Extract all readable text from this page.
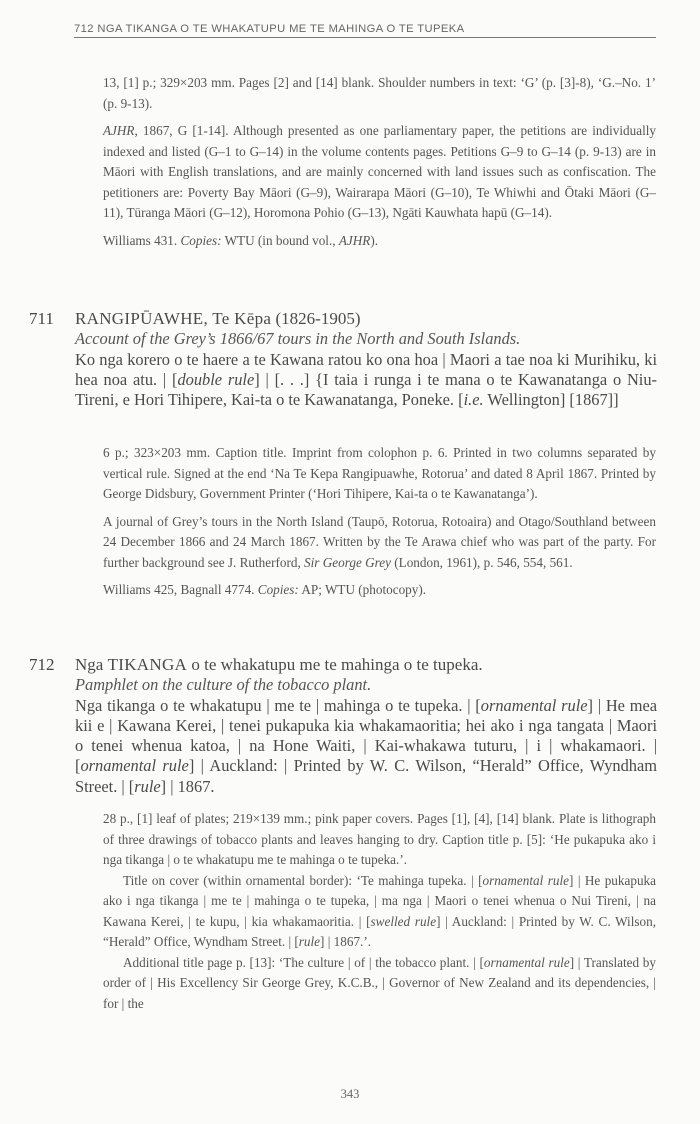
712 NGA TIKANGA O TE WHAKATUPU ME TE MAHINGA O TE TUPEKA

13, [1] p.; 329×203 mm. Pages [2] and [14] blank. Shoulder numbers in text: ‘G’ (p. [3]-8), ‘G.–No. 1’ (p. 9-13).

AJHR, 1867, G [1-14]. Although presented as one parliamentary paper, the petitions are individually indexed and listed (G–1 to G–14) in the volume contents pages. Petitions G–9 to G–14 (p. 9-13) are in Māori with English translations, and are mainly concerned with land issues such as confiscation. The petitioners are: Poverty Bay Māori (G–9), Wairarapa Māori (G–10), Te Whiwhi and Ōtaki Māori (G–11), Tūranga Māori (G–12), Horomona Pohio (G–13), Ngāti Kauwhata hapū (G–14).

Williams 431. Copies: WTU (in bound vol., AJHR).

711 RANGIPŪAWHE, Te Kēpa (1826-1905)
Account of the Grey’s 1866/67 tours in the North and South Islands.

Ko nga korero o te haere a te Kawana ratou ko ona hoa | Maori a tae noa ki Murihiku, ki hea noa atu. | [double rule] | [. . .] {I taia i runga i te mana o te Kawanatanga o Niu-Tireni, e Hori Tihipere, Kai-ta o te Kawanatanga, Poneke. [i.e. Wellington] [1867]]

6 p.; 323×203 mm. Caption title. Imprint from colophon p. 6. Printed in two columns separated by vertical rule. Signed at the end ‘Na Te Kepa Rangipuawhe, Rotorua’ and dated 8 April 1867. Printed by George Didsbury, Government Printer (‘Hori Tihipere, Kai-ta o te Kawanatanga’).

A journal of Grey’s tours in the North Island (Taupō, Rotorua, Rotoaira) and Otago/Southland between 24 December 1866 and 24 March 1867. Written by the Te Arawa chief who was part of the party. For further background see J. Rutherford, Sir George Grey (London, 1961), p. 546, 554, 561.

Williams 425, Bagnall 4774. Copies: AP; WTU (photocopy).

712 Nga TIKANGA o te whakatupu me te mahinga o te tupeka.
Pamphlet on the culture of the tobacco plant.

Nga tikanga o te whakatupu | me te | mahinga o te tupeka. | [ornamental rule] | He mea kii e | Kawana Kerei, | tenei pukapuka kia whakamaoritia; hei ako i nga tangata | Maori o tenei whenua katoa, | na Hone Waiti, | Kai-whakawa tuturu, | i | whakamaori. | [ornamental rule] | Auckland: | Printed by W. C. Wilson, “Herald” Office, Wyndham Street. | [rule] | 1867.

28 p., [1] leaf of plates; 219×139 mm.; pink paper covers. Pages [1], [4], [14] blank. Plate is lithograph of three drawings of tobacco plants and leaves hanging to dry. Caption title p. [5]: ‘He pukapuka ako i nga tikanga | o te whakatupu me te mahinga o te tupeka.’.

Title on cover (within ornamental border): ‘Te mahinga tupeka. | [ornamental rule] | He pukapuka ako i nga tikanga | me te | mahinga o te tupeka, | ma nga | Maori o tenei whenua o Nui Tireni, | na Kawana Kerei, | te kupu, | kia whakamaoritia. | [swelled rule] | Auckland: | Printed by W. C. Wilson, “Herald” Office, Wyndham Street. | [rule] | 1867.’.

Additional title page p. [13]: ‘The culture | of | the tobacco plant. | [ornamental rule] | Translated by order of | His Excellency Sir George Grey, K.C.B., | Governor of New Zealand and its dependencies, | for | the

343
